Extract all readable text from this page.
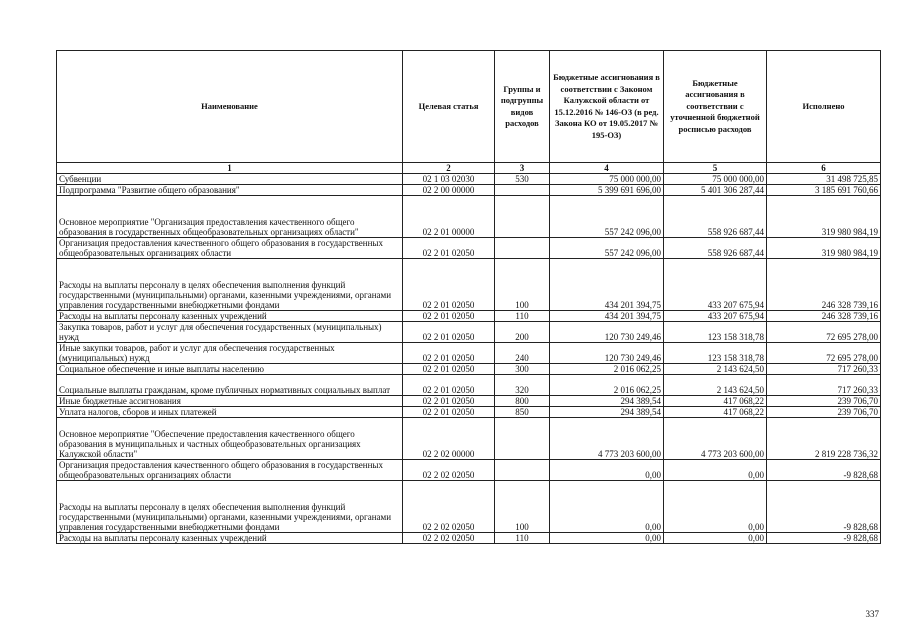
Наименование	Целевая статья	Группы и подгруппы видов расходов	Бюджетные ассигнования в соответствии с Законом Калужской области от 15.12.2016 № 146-ОЗ (в ред. Закона КО от 19.05.2017 № 195-ОЗ)	Бюджетные ассигнования в соответствии с уточненной бюджетной росписью расходов	Исполнено
1	2	3	4	5	6
Субвенции	02 1 03 02030	530	75 000 000,00	75 000 000,00	31 498 725,85
Подпрограмма "Развитие общего образования"	02 2 00 00000		5 399 691 696,00	5 401 306 287,44	3 185 691 760,66
Основное мероприятие "Организация предоставления качественного общего образования в государственных общеобразовательных организациях области"	02 2 01 00000		557 242 096,00	558 926 687,44	319 980 984,19
Организация предоставления качественного общего образования в государственных общеобразовательных организациях области	02 2 01 02050		557 242 096,00	558 926 687,44	319 980 984,19
Расходы на выплаты персоналу в целях обеспечения выполнения функций государственными (муниципальными) органами, казенными учреждениями, органами управления государственными внебюджетными фондами	02 2 01 02050	100	434 201 394,75	433 207 675,94	246 328 739,16
Расходы на выплаты персоналу казенных учреждений	02 2 01 02050	110	434 201 394,75	433 207 675,94	246 328 739,16
Закупка товаров, работ и услуг для обеспечения государственных (муниципальных) нужд	02 2 01 02050	200	120 730 249,46	123 158 318,78	72 695 278,00
Иные закупки товаров, работ и услуг для обеспечения государственных (муниципальных) нужд	02 2 01 02050	240	120 730 249,46	123 158 318,78	72 695 278,00
Социальное обеспечение и иные выплаты населению	02 2 01 02050	300	2 016 062,25	2 143 624,50	717 260,33
Социальные выплаты гражданам, кроме публичных нормативных социальных выплат	02 2 01 02050	320	2 016 062,25	2 143 624,50	717 260,33
Иные бюджетные ассигнования	02 2 01 02050	800	294 389,54	417 068,22	239 706,70
Уплата налогов, сборов и иных платежей	02 2 01 02050	850	294 389,54	417 068,22	239 706,70
Основное мероприятие "Обеспечение предоставления качественного общего образования в муниципальных и частных общеобразовательных организациях Калужской области"	02 2 02 00000		4 773 203 600,00	4 773 203 600,00	2 819 228 736,32
Организация предоставления качественного общего образования в государственных общеобразовательных организациях области	02 2 02 02050		0,00	0,00	-9 828,68
Расходы на выплаты персоналу в целях обеспечения выполнения функций государственными (муниципальными) органами, казенными учреждениями, органами управления государственными внебюджетными фондами	02 2 02 02050	100	0,00	0,00	-9 828,68
Расходы на выплаты персоналу казенных учреждений	02 2 02 02050	110	0,00	0,00	-9 828,68
337
